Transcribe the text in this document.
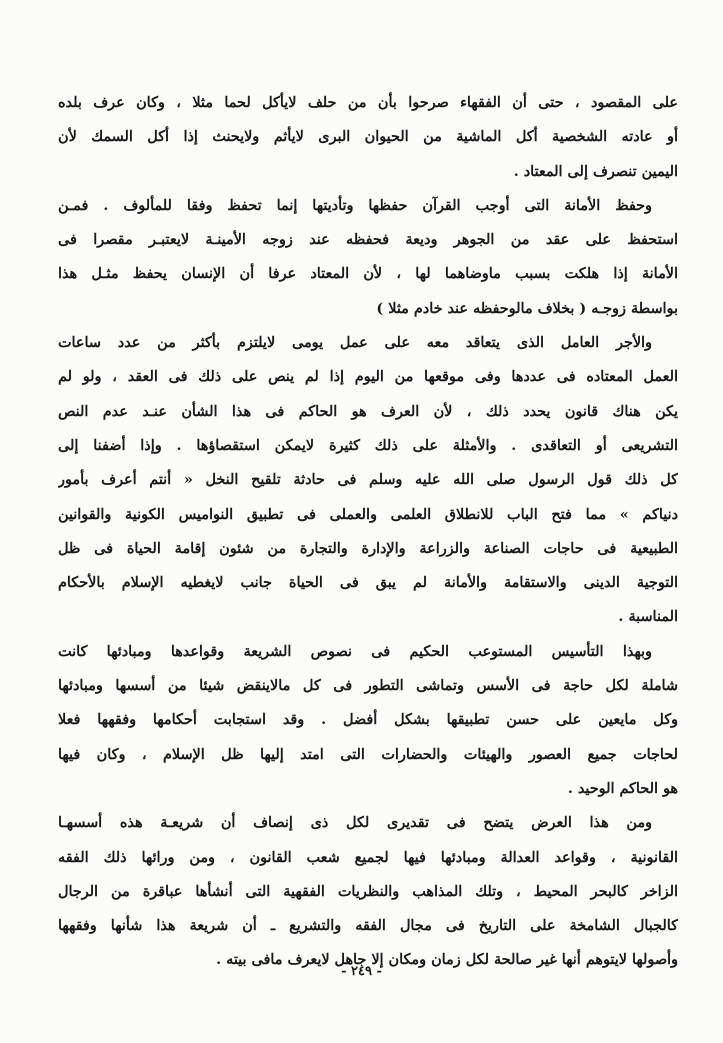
على المقصود ، حتى أن الفقهاء صرحوا بأن من حلف لايأكل لحما مثلا ، وكان عرف بلده
أو عادته الشخصية أكل الماشية من الحيوان البرى لايأثم ولايحنث إذا أكل السمك لأن
اليمين تنصرف إلى المعتاد .
وحفظ الأمانة التى أوجب القرآن حفظها وتأديتها إنما تحفظ وفقا للمألوف . فمـن
استحفظ على عقد من الجوهر وديعة فحفظه عند زوجه الأمينـة لايعتبـر مقصرا فى
الأمانة إذا هلكت بسبب ماوضاهما لها ، لأن المعتاد عرفا أن الإنسان يحفظ مثـل هذا
بواسطة زوجـه ( بخلاف مالوحفظه عند خادم مثلا )
والأجر العامل الذى يتعاقد معه على عمل يومى لايلتزم بأكثر من عدد ساعات
العمل المعتاده فى عددها وفى موقعها من اليوم إذا لم ينص على ذلك فى العقد ، ولو لم
يكن هناك قانون يحدد ذلك ، لأن العرف هو الحاكم فى هذا الشأن عنـد عدم النص
التشريعى أو التعاقدى . والأمثلة على ذلك كثيرة لايمكن استقصاؤها . وإذا أضفنا إلى
كل ذلك قول الرسول صلى الله عليه وسلم فى حادثة تلقيح النخل « أنتم أعرف بأمور
دنياكم » مما فتح الباب للانطلاق العلمى والعملى فى تطبيق النواميس الكونية والقوانين
الطبيعية فى حاجات الصناعة والزراعة والإدارة والتجارة من شئون إقامة الحياة فى ظل
التوجية الدينى والاستقامة والأمانة لم يبق فى الحياة جانب لايغطيه الإسلام بالأحكام
المناسبة .
وبهذا التأسيس المستوعب الحكيم فى نصوص الشريعة وقواعدها ومبادئها كانت
شاملة لكل حاجة فى الأسس وتماشى التطور فى كل مالاينقض شيئا من أسسها ومبادئها
وكل مايعين على حسن تطبيقها بشكل أفضل . وقد استجابت أحكامها وفقهها فعلا
لحاجات جميع العصور والهيئات والحضارات التى امتد إليها ظل الإسلام ، وكان فيها
هو الحاكم الوحيد .
ومن هذا العرض يتضح فى تقديرى لكل ذى إنصاف أن شريعـة هذه أسسهـا
القانونية ، وقواعد العدالة ومبادئها فيها لجميع شعب القانون ، ومن ورائها ذلك الفقه
الزاخر كالبحر المحيط ، وتلك المذاهب والنظريات الفقهية التى أنشأها عباقرة من الرجال
كالجبال الشامخة على التاريخ فى مجال الفقه والتشريع ـ أن شريعة هذا شأنها وفقهها
وأصولها لايتوهم أنها غير صالحة لكل زمان ومكان إلا جاهل لايعرف مافى بيته .
- ٢٤٩ -
